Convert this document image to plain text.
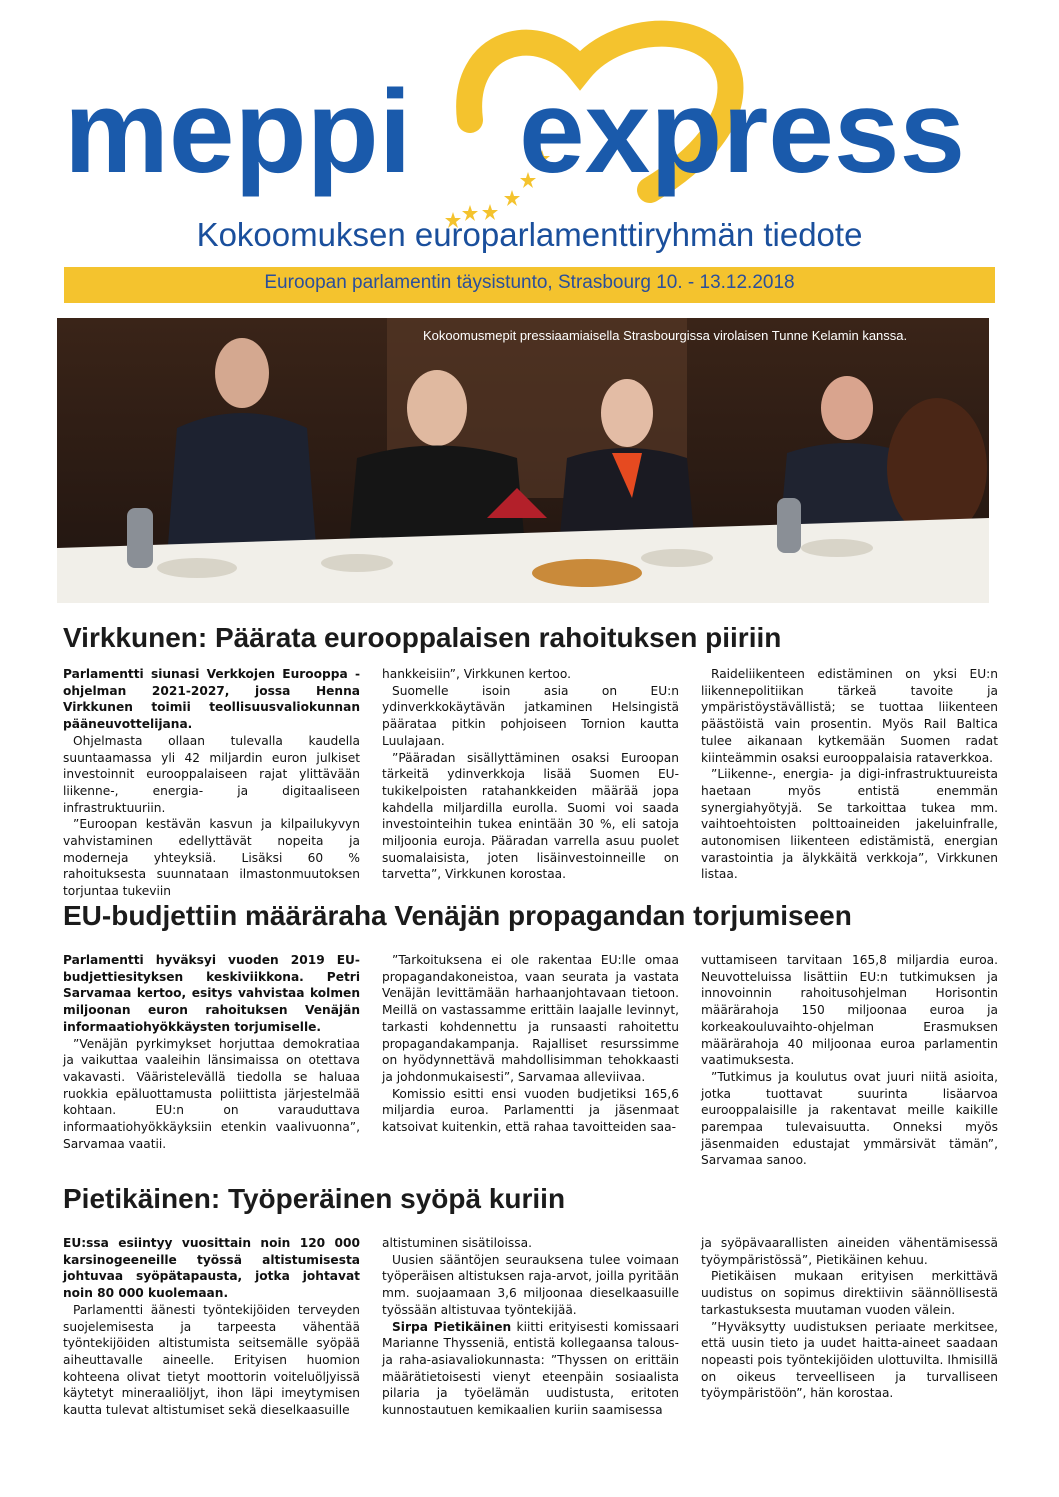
meppi express
Kokoomuksen europarlamenttiryhmän tiedote
Euroopan parlamentin täysistunto, Strasbourg 10. - 13.12.2018
Kokoomusmepit pressiaamiaisella Strasbourgissa virolaisen Tunne Kelamin kanssa.
Virkkunen: Päärata eurooppalaisen rahoituksen piiriin

Parlamentti siunasi Verkkojen Eurooppa -ohjelman 2021-2027, jossa Henna Virkkunen toimii teollisuusvaliokunnan pääneuvottelijana.

Ohjelmasta ollaan tulevalla kaudella suuntaamassa yli 42 miljardin euron julkiset investoinnit eurooppalaiseen rajat ylittävään liikenne-, energia- ja digitaaliseen infrastruktuuriin.

”Euroopan kestävän kasvun ja kilpailukyvyn vahvistaminen edellyttävät nopeita ja moderneja yhteyksiä. Lisäksi 60 % rahoituksesta suunnataan ilmastonmuutoksen torjuntaa tukeviin

hankkeisiin”, Virkkunen kertoo.

Suomelle isoin asia on EU:n ydinverkkokäytävän jatkaminen Helsingistä päärataa pitkin pohjoiseen Tornion kautta Luulajaan.

”Pääradan sisällyttäminen osaksi Euroopan tärkeitä ydinverkkoja lisää Suomen EU-tukikelpoisten ratahankkeiden määrää jopa kahdella miljardilla eurolla. Suomi voi saada investointeihin tukea enintään 30 %, eli satoja miljoonia euroja. Pääradan varrella asuu puolet suomalaisista, joten lisäinvestoinneille on tarvetta”, Virkkunen korostaa.

Raideliikenteen edistäminen on yksi EU:n liikennepolitiikan tärkeä tavoite ja ympäristöystävällistä; se tuottaa liikenteen päästöistä vain prosentin. Myös Rail Baltica tulee aikanaan kytkemään Suomen radat kiinteämmin osaksi eurooppalaisia rataverkkoa.

”Liikenne-, energia- ja digi-infrastruktuureista haetaan myös entistä enemmän synergiahyötyjä. Se tarkoittaa tukea mm. vaihtoehtoisten polttoaineiden jakeluinfralle, autonomisen liikenteen edistämistä, energian varastointia ja älykkäitä verkkoja”, Virkkunen listaa.

EU-budjettiin määräraha Venäjän propagandan torjumiseen

Parlamentti hyväksyi vuoden 2019 EU-budjettiesityksen keskiviikkona. Petri Sarvamaa kertoo, esitys vahvistaa kolmen miljoonan euron rahoituksen Venäjän informaatiohyökkäysten torjumiselle.

”Venäjän pyrkimykset horjuttaa demokratiaa ja vaikuttaa vaaleihin länsimaissa on otettava vakavasti. Vääristelevällä tiedolla se haluaa ruokkia epäluottamusta poliittista järjestelmää kohtaan. EU:n on varauduttava informaatiohyökkäyksiin etenkin vaalivuonna”, Sarvamaa vaatii.

”Tarkoituksena ei ole rakentaa EU:lle omaa propagandakoneistoa, vaan seurata ja vastata Venäjän levittämään harhaanjohtavaan tietoon. Meillä on vastassamme erittäin laajalle levinnyt, tarkasti kohdennettu ja runsaasti rahoitettu propagandakampanja. Rajalliset resurssimme on hyödynnettävä mahdollisimman tehokkaasti ja johdonmukaisesti”, Sarvamaa alleviivaa.

Komissio esitti ensi vuoden budjetiksi 165,6 miljardia euroa. Parlamentti ja jäsenmaat katsoivat kuitenkin, että rahaa tavoitteiden saa-

vuttamiseen tarvitaan 165,8 miljardia euroa. Neuvotteluissa lisättiin EU:n tutkimuksen ja innovoinnin rahoitusohjelman Horisontin määrärahoja 150 miljoonaa euroa ja korkeakouluvaihto-ohjelman Erasmuksen määrärahoja 40 miljoonaa euroa parlamentin vaatimuksesta.

”Tutkimus ja koulutus ovat juuri niitä asioita, jotka tuottavat suurinta lisäarvoa eurooppalaisille ja rakentavat meille kaikille parempaa tulevaisuutta. Onneksi myös jäsenmaiden edustajat ymmärsivät tämän”, Sarvamaa sanoo.

Pietikäinen: Työperäinen syöpä kuriin

EU:ssa esiintyy vuosittain noin 120 000 karsinogeeneille työssä altistumisesta johtuvaa syöpätapausta, jotka johtavat noin 80 000 kuolemaan.

Parlamentti äänesti työntekijöiden terveyden suojelemisesta ja tarpeesta vähentää työntekijöiden altistumista seitsemälle syöpää aiheuttavalle aineelle. Erityisen huomion kohteena olivat tietyt moottorin voiteluöljyissä käytetyt mineraaliöljyt, ihon läpi imeytymisen kautta tulevat altistumiset sekä dieselkaasuille

altistuminen sisätiloissa.

Uusien sääntöjen seurauksena tulee voimaan työperäisen altistuksen raja-arvot, joilla pyritään mm. suojaamaan 3,6 miljoonaa dieselkaasuille työssään altistuvaa työntekijää.

Sirpa Pietikäinen kiitti erityisesti komissaari Marianne Thysseniä, entistä kollegaansa talous- ja raha-asiavaliokunnasta: ”Thyssen on erittäin määrätietoisesti vienyt eteenpäin sosiaalista pilaria ja työelämän uudistusta, eritoten kunnostautuen kemikaalien kuriin saamisessa

ja syöpävaarallisten aineiden vähentämisessä työympäristössä”, Pietikäinen kehuu.

Pietikäisen mukaan erityisen merkittävä uudistus on sopimus direktiivin säännöllisestä tarkastuksesta muutaman vuoden välein.

”Hyväksytty uudistuksen periaate merkitsee, että uusin tieto ja uudet haitta-aineet saadaan nopeasti pois työntekijöiden ulottuvilta. Ihmisillä on oikeus terveelliseen ja turvalliseen työympäristöön”, hän korostaa.
